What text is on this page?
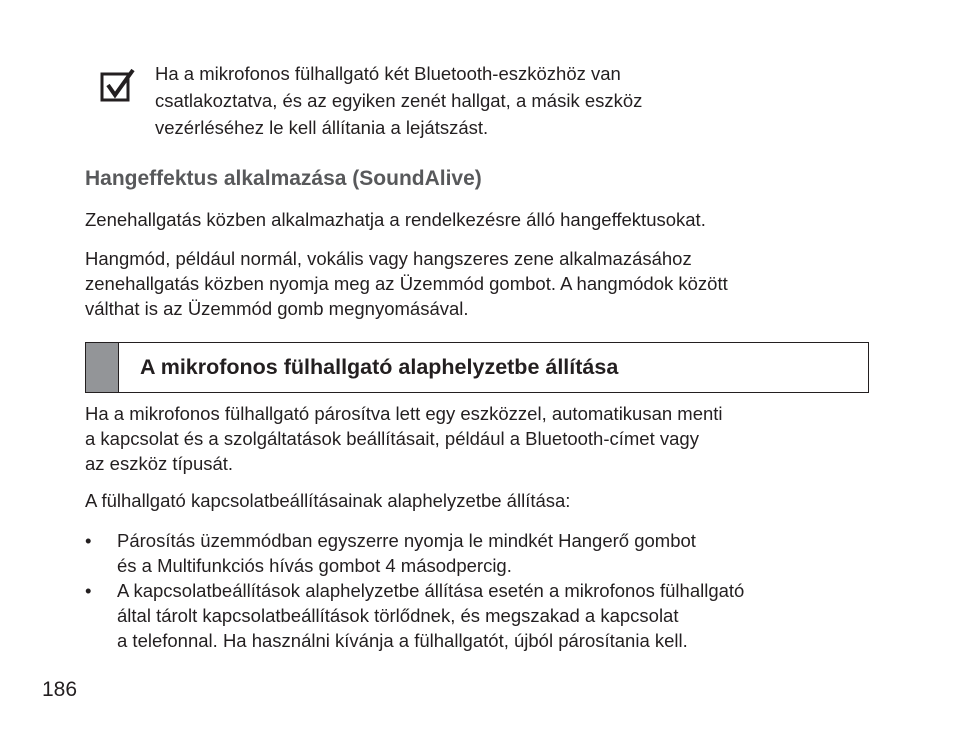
Ha a mikrofonos fülhallgató két Bluetooth-eszközhöz van
csatlakoztatva, és az egyiken zenét hallgat, a másik eszköz
vezérléséhez le kell állítania a lejátszást.
Hangeffektus alkalmazása (SoundAlive)
Zenehallgatás közben alkalmazhatja a rendelkezésre álló hangeffektusokat.
Hangmód, például normál, vokális vagy hangszeres zene alkalmazásához
zenehallgatás közben nyomja meg az Üzemmód gombot. A hangmódok között
válthat is az Üzemmód gomb megnyomásával.
A mikrofonos fülhallgató alaphelyzetbe állítása
Ha a mikrofonos fülhallgató párosítva lett egy eszközzel, automatikusan menti
a kapcsolat és a szolgáltatások beállításait, például a Bluetooth-címet vagy
az eszköz típusát.
A fülhallgató kapcsolatbeállításainak alaphelyzetbe állítása:
• Párosítás üzemmódban egyszerre nyomja le mindkét Hangerő gombot
és a Multifunkciós hívás gombot 4 másodpercig.
• A kapcsolatbeállítások alaphelyzetbe állítása esetén a mikrofonos fülhallgató
által tárolt kapcsolatbeállítások törlődnek, és megszakad a kapcsolat
a telefonnal. Ha használni kívánja a fülhallgatót, újból párosítania kell.
186
